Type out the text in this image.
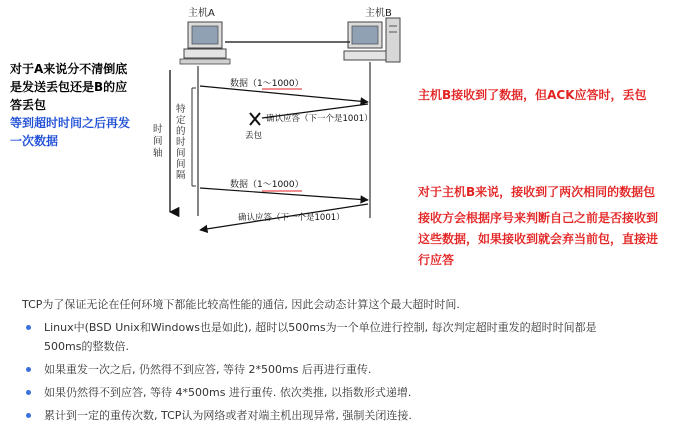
主机A	主机B
时 间 轴
特 定 的 时 间 间 隔
数据（1～1000）
确认应答（下一个是1001）
丢包
数据（1～1000）
确认应答（下一个是1001）
对于A来说分不清倒底
是发送丢包还是B的应
答丢包
等到超时时间之后再发
一次数据
主机B接收到了数据，但ACK应答时，丢包
对于主机B来说，接收到了两次相同的数据包
接收方会根据序号来判断自己之前是否接收到
这些数据，如果接收到就会弃当前包，直接进
行应答
TCP为了保证无论在任何环境下都能比较高性能的通信, 因此会动态计算这个最大超时时间.
Linux中(BSD Unix和Windows也是如此), 超时以500ms为一个单位进行控制, 每次判定超时重发的超时时间都是
500ms的整数倍.
如果重发一次之后, 仍然得不到应答, 等待 2*500ms 后再进行重传.
如果仍然得不到应答, 等待 4*500ms 进行重传. 依次类推, 以指数形式递增.
累计到一定的重传次数, TCP认为网络或者对端主机出现异常, 强制关闭连接.
